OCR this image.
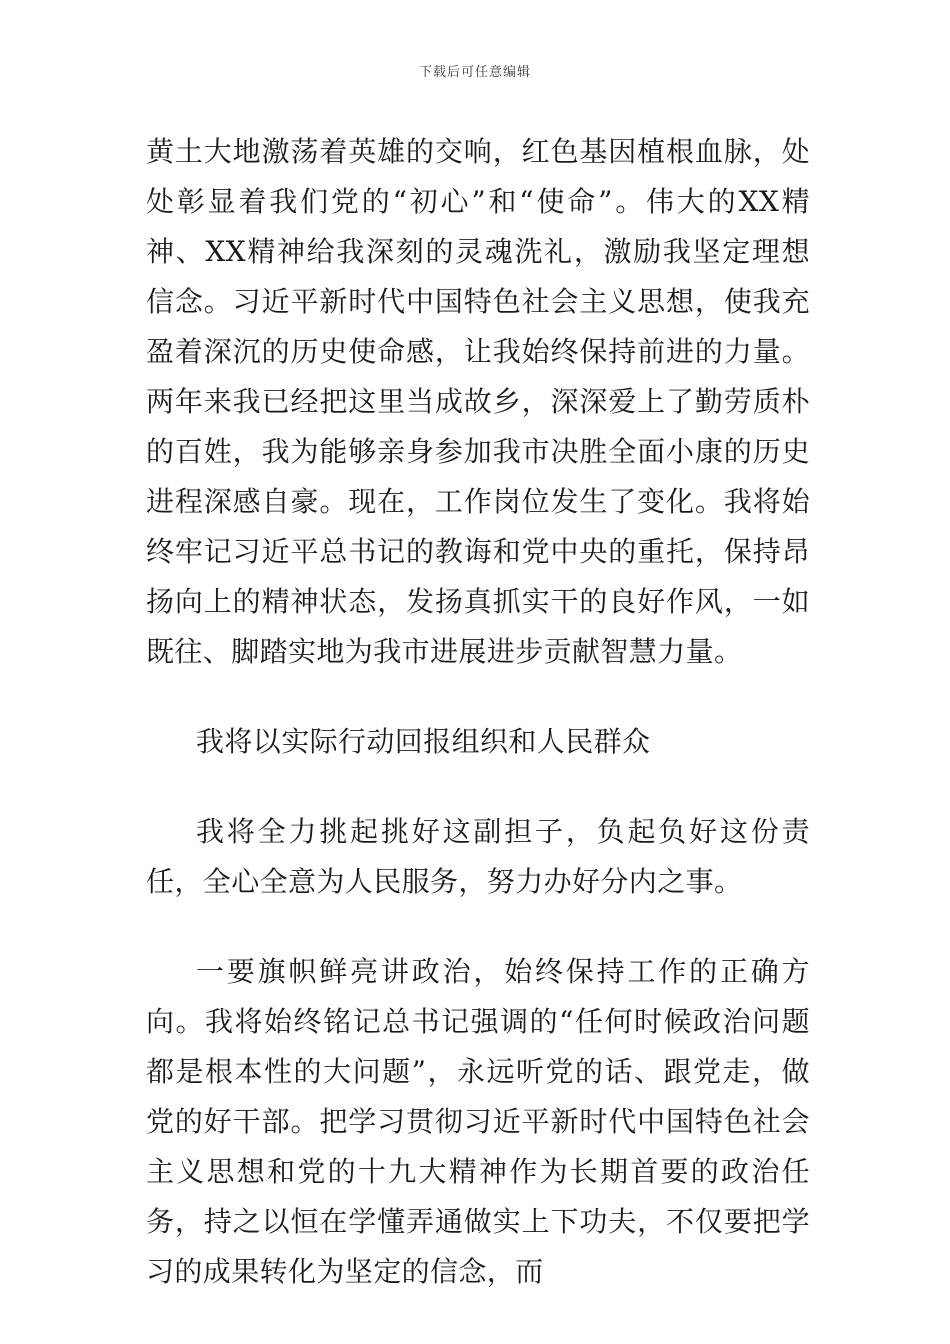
下载后可任意编辑

黄土大地激荡着英雄的交响，红色基因植根血脉，处处彰显着我们党的“初心”和“使命”。伟大的XX精神、XX精神给我深刻的灵魂洗礼，激励我坚定理想信念。习近平新时代中国特色社会主义思想，使我充盈着深沉的历史使命感，让我始终保持前进的力量。两年来我已经把这里当成故乡，深深爱上了勤劳质朴的百姓，我为能够亲身参加我市决胜全面小康的历史进程深感自豪。现在，工作岗位发生了变化。我将始终牢记习近平总书记的教诲和党中央的重托，保持昂扬向上的精神状态，发扬真抓实干的良好作风，一如既往、脚踏实地为我市进展进步贡献智慧力量。

我将以实际行动回报组织和人民群众

我将全力挑起挑好这副担子，负起负好这份责任，全心全意为人民服务，努力办好分内之事。

一要旗帜鲜亮讲政治，始终保持工作的正确方向。我将始终铭记总书记强调的“任何时候政治问题都是根本性的大问题”，永远听党的话、跟党走，做党的好干部。把学习贯彻习近平新时代中国特色社会主义思想和党的十九大精神作为长期首要的政治任务，持之以恒在学懂弄通做实上下功夫，不仅要把学习的成果转化为坚定的信念，而
